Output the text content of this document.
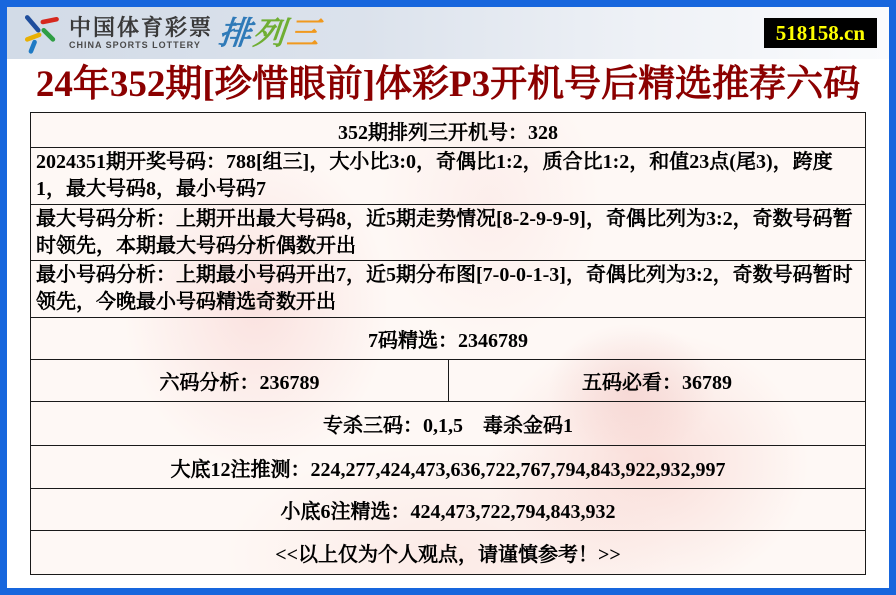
中国体育彩票
CHINA SPORTS LOTTERY 排列三	518158.cn
24年352期[珍惜眼前]体彩P3开机号后精选推荐六码
352期排列三开机号：328
2024351期开奖号码：788[组三]，大小比3:0，奇偶比1:2，质合比1:2，和值23点(尾3)，跨度1，最大号码8，最小号码7
最大号码分析：上期开出最大号码8，近5期走势情况[8-2-9-9-9]，奇偶比列为3:2，奇数号码暂时领先，本期最大号码分析偶数开出
最小号码分析：上期最小号码开出7，近5期分布图[7-0-0-1-3]，奇偶比列为3:2，奇数号码暂时领先，今晚最小号码精选奇数开出
7码精选：2346789
六码分析：236789	五码必看：36789
专杀三码：0,1,5　毒杀金码1
大底12注推测：224,277,424,473,636,722,767,794,843,922,932,997
小底6注精选：424,473,722,794,843,932
<<以上仅为个人观点，请谨慎参考！>>
